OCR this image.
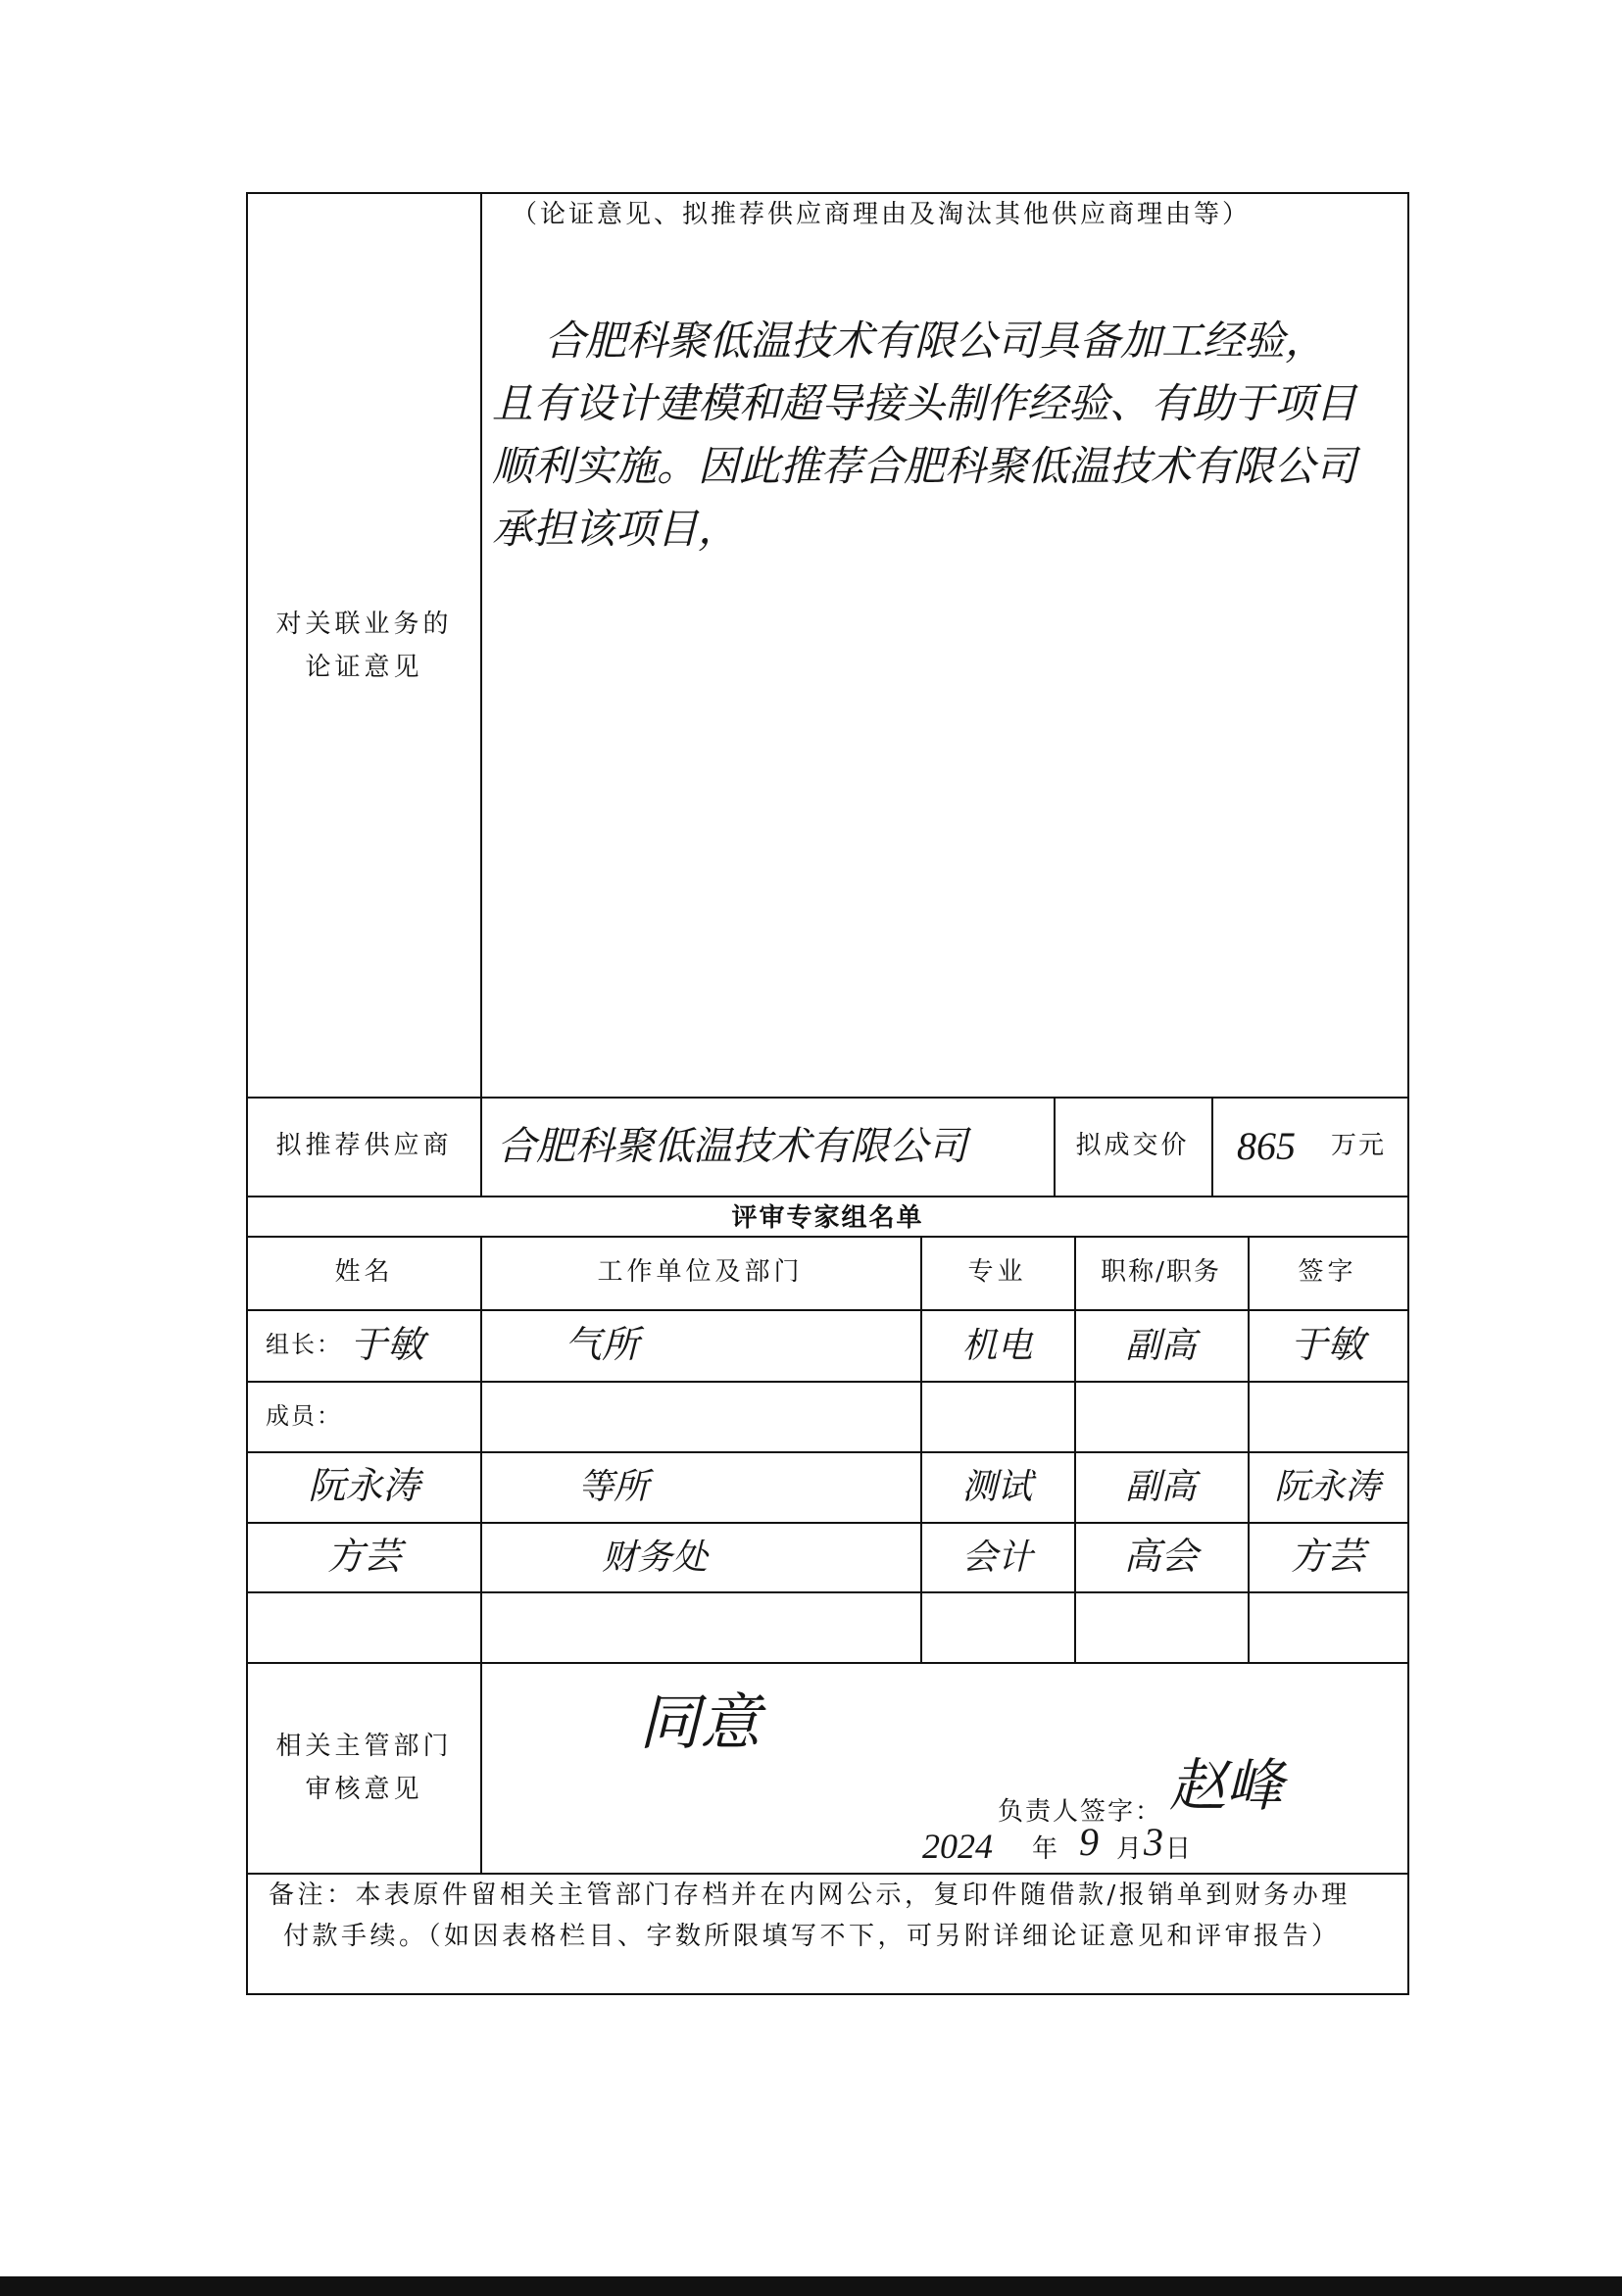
对关联业务的
论证意见
（论证意见、拟推荐供应商理由及淘汰其他供应商理由等）
合肥科聚低温技术有限公司具备加工经验，
且有设计建模和超导接头制作经验、有助于项目
顺利实施。因此推荐合肥科聚低温技术有限公司
承担该项目，
拟推荐供应商	合肥科聚低温技术有限公司	拟成交价	865 万元
评审专家组名单
姓名	工作单位及部门	专业	职称/职务	签字
组长： 于敏	气所	机电	副高	于敏
成员：
阮永涛	等所	测试	副高	阮永涛
方芸	财务处	会计	高会	方芸
相关主管部门
审核意见
同意
负责人签字： 赵峰
2024 年 9 月 3 日
备注：本表原件留相关主管部门存档并在内网公示，复印件随借款/报销单到财务办理
付款手续。（如因表格栏目、字数所限填写不下，可另附详细论证意见和评审报告）
